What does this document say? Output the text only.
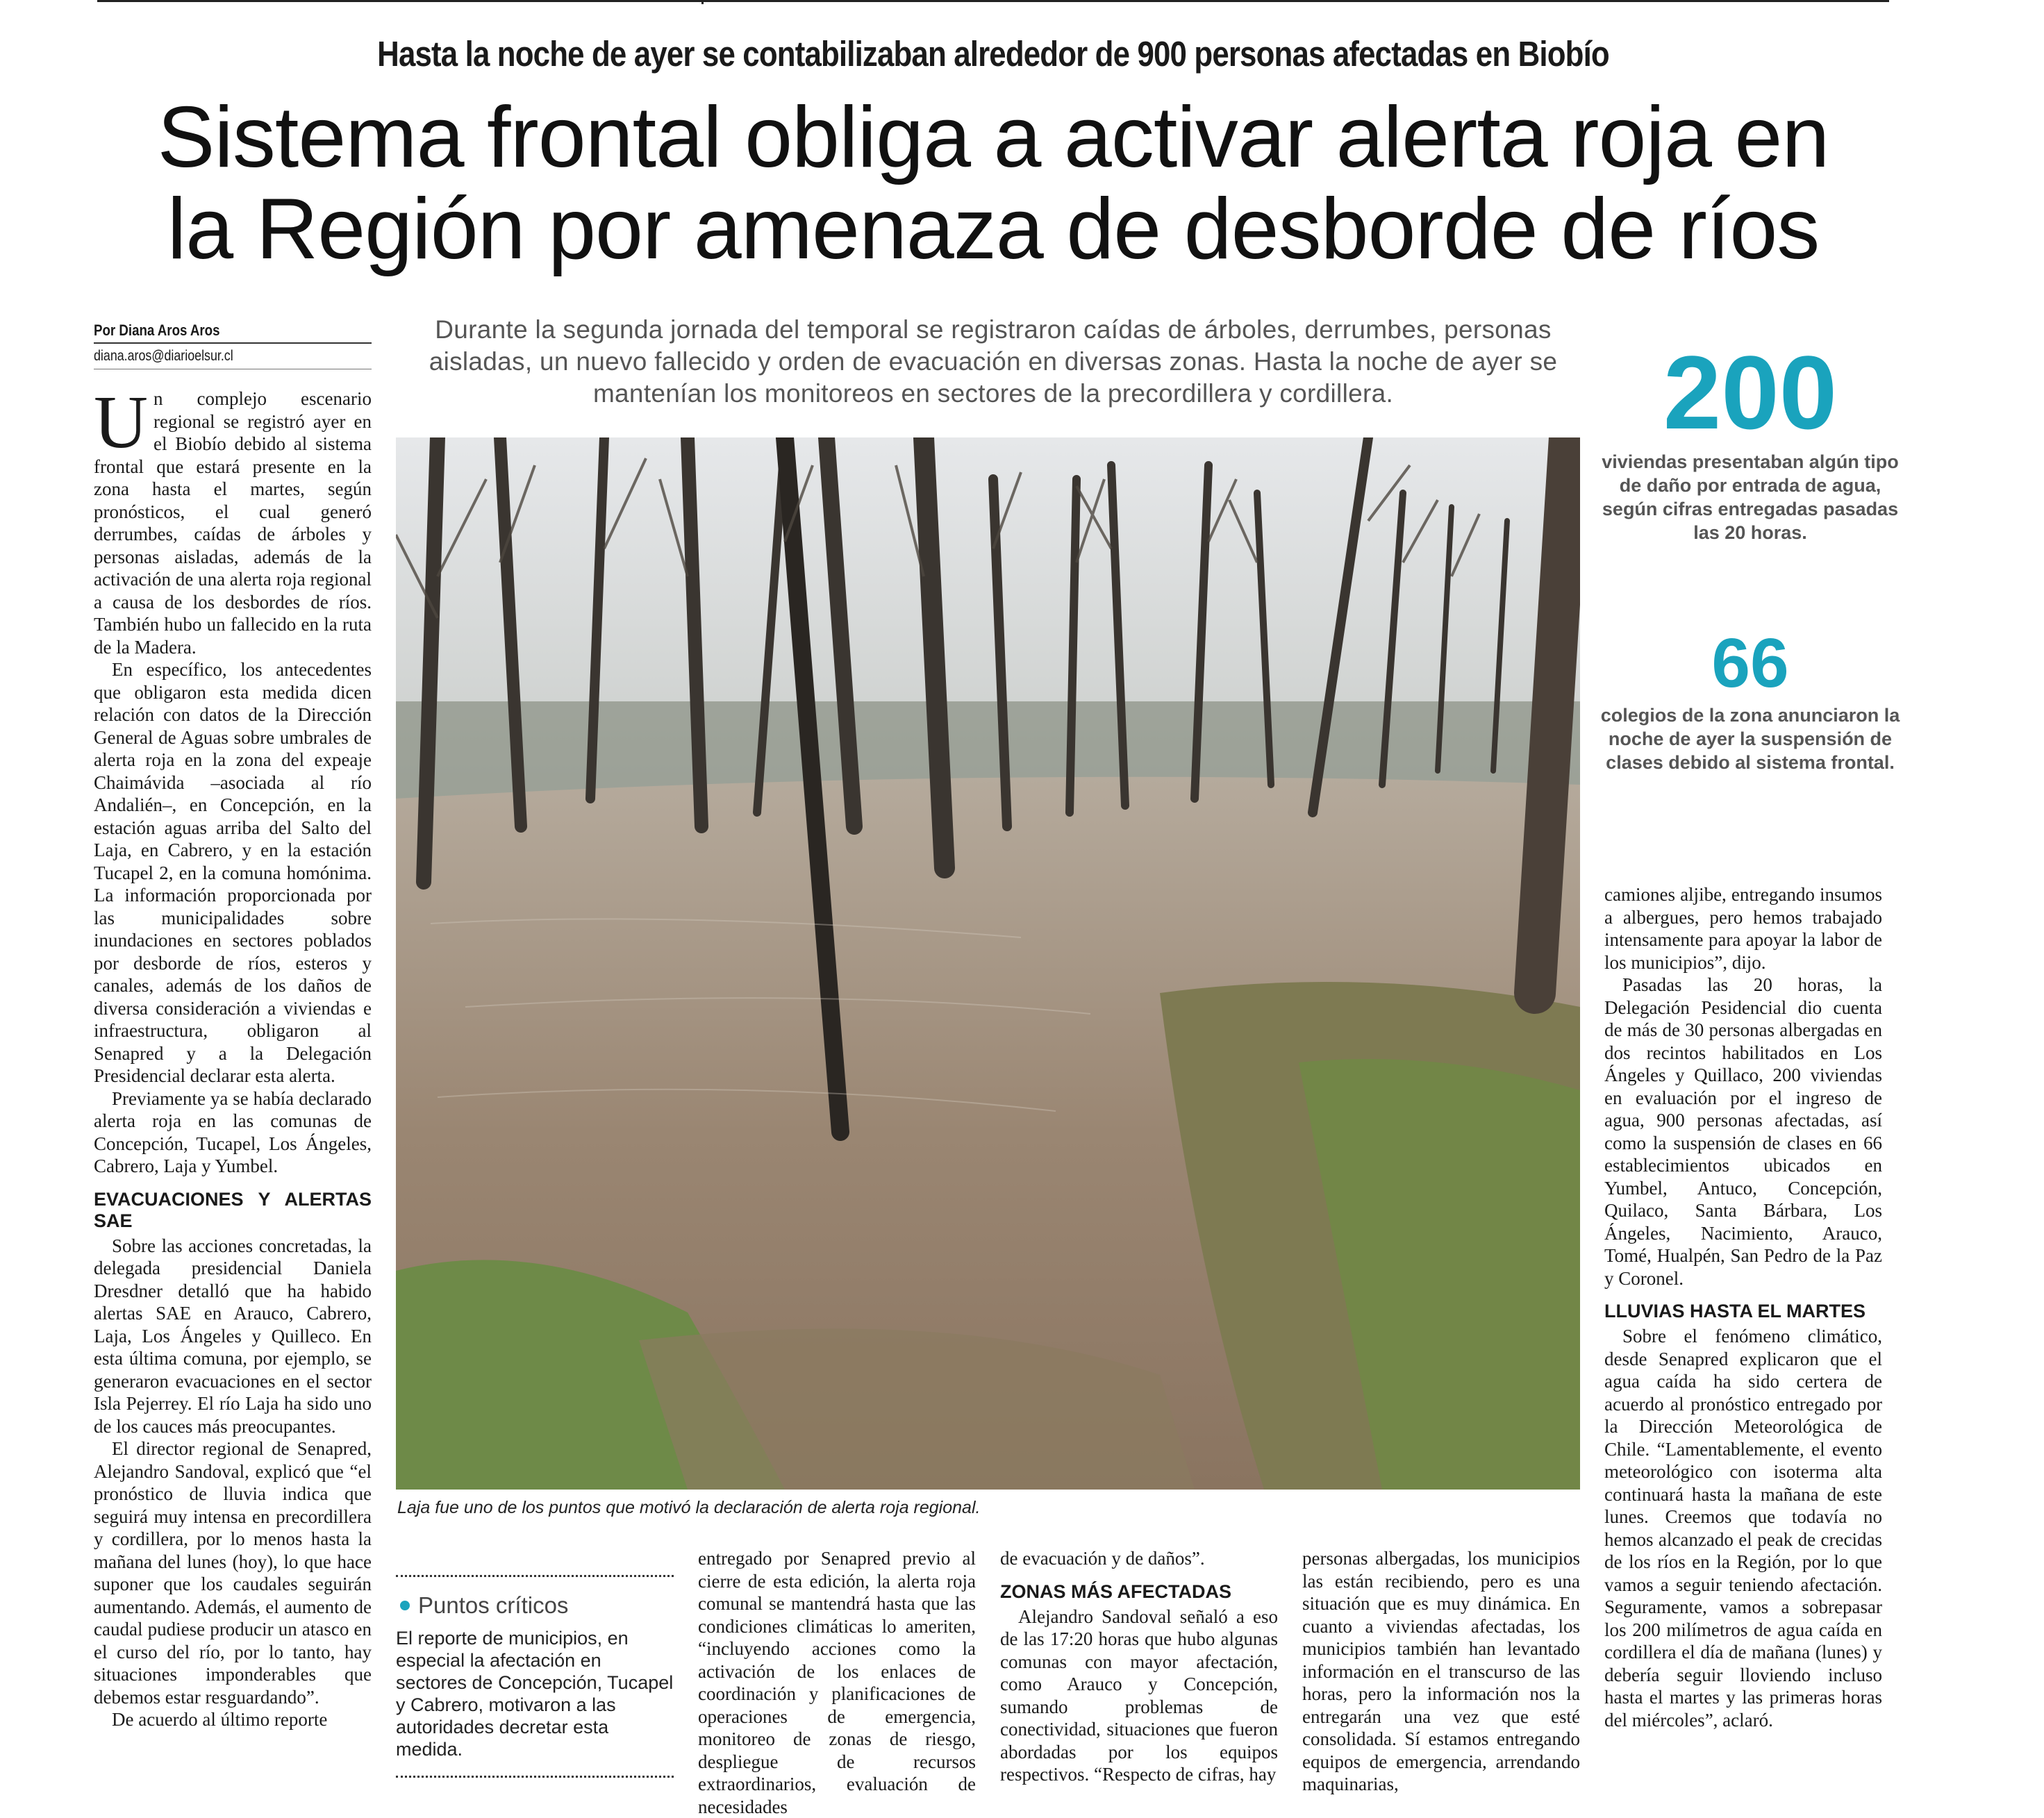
Hasta la noche de ayer se contabilizaban alrededor de 900 personas afectadas en Biobío
Sistema frontal obliga a activar alerta roja en
la Región por amenaza de desborde de ríos
Por Diana Aros Aros
diana.aros@diarioelsur.cl
Durante la segunda jornada del temporal se registraron caídas de árboles, derrumbes, personas aisladas, un nuevo fallecido y orden de evacuación en diversas zonas. Hasta la noche de ayer se mantenían los monitoreos en sectores de la precordillera y cordillera.

Un complejo escenario regional se registró ayer en el Biobío debido al sistema frontal que estará presente en la zona hasta el martes, según pronósticos, el cual generó derrumbes, caídas de árboles y personas aisladas, además de la activación de una alerta roja regional a causa de los desbordes de ríos. También hubo un fallecido en la ruta de la Madera.

En específico, los antecedentes que obligaron esta medida dicen relación con datos de la Dirección General de Aguas sobre umbrales de alerta roja en la zona del expeaje Chaimávida –asociada al río Andalién–, en Concepción, en la estación aguas arriba del Salto del Laja, en Cabrero, y en la estación Tucapel 2, en la comuna homónima. La información proporcionada por las municipalidades sobre inundaciones en sectores poblados por desborde de ríos, esteros y canales, además de los daños de diversa consideración a viviendas e infraestructura, obligaron al Senapred y a la Delegación Presidencial declarar esta alerta.

Previamente ya se había declarado alerta roja en las comunas de Concepción, Tucapel, Los Ángeles, Cabrero, Laja y Yumbel.

EVACUACIONES Y ALERTAS SAE

Sobre las acciones concretadas, la delegada presidencial Daniela Dresdner detalló que ha habido alertas SAE en Arauco, Cabrero, Laja, Los Ángeles y Quilleco. En esta última comuna, por ejemplo, se generaron evacuaciones en el sector Isla Pejerrey. El río Laja ha sido uno de los cauces más preocupantes.

El director regional de Senapred, Alejandro Sandoval, explicó que “el pronóstico de lluvia indica que seguirá muy intensa en precordillera y cordillera, por lo menos hasta la mañana del lunes (hoy), lo que hace suponer que los caudales seguirán aumentando. Además, el aumento de caudal pudiese producir un atasco en el curso del río, por lo tanto, hay situaciones imponderables que debemos estar resguardando”.

De acuerdo al último reporte

Laja fue uno de los puntos que motivó la declaración de alerta roja regional.
200
viviendas presentaban algún tipo de daño por entrada de agua, según cifras entregadas pasadas las 20 horas.
66
colegios de la zona anunciaron la noche de ayer la suspensión de clases debido al sistema frontal.
Puntos críticos
El reporte de municipios, en especial la afectación en sectores de Concepción, Tucapel y Cabrero, motivaron a las autoridades decretar esta medida.

entregado por Senapred previo al cierre de esta edición, la alerta roja comunal se mantendrá hasta que las condiciones climáticas lo ameriten, “incluyendo acciones como la activación de los enlaces de coordinación y planificaciones de operaciones de emergencia, monitoreo de zonas de riesgo, despliegue de recursos extraordinarios, evaluación de necesidades

de evacuación y de daños”.

ZONAS MÁS AFECTADAS

Alejandro Sandoval señaló a eso de las 17:20 horas que hubo algunas comunas con mayor afectación, como Arauco y Concepción, sumando problemas de conectividad, situaciones que fueron abordadas por los equipos respectivos. “Respecto de cifras, hay

personas albergadas, los municipios las están recibiendo, pero es una situación que es muy dinámica. En cuanto a viviendas afectadas, los municipios también han levantado información en el transcurso de las horas, pero la información nos la entregarán una vez que esté consolidada. Sí estamos entregando equipos de emergencia, arrendando maquinarias,

camiones aljibe, entregando insumos a albergues, pero hemos trabajado intensamente para apoyar la labor de los municipios”, dijo.

Pasadas las 20 horas, la Delegación Pesidencial dio cuenta de más de 30 personas albergadas en dos recintos habilitados en Los Ángeles y Quillaco, 200 viviendas en evaluación por el ingreso de agua, 900 personas afectadas, así como la suspensión de clases en 66 establecimientos ubicados en Yumbel, Antuco, Concepción, Quilaco, Santa Bárbara, Los Ángeles, Nacimiento, Arauco, Tomé, Hualpén, San Pedro de la Paz y Coronel.

LLUVIAS HASTA EL MARTES

Sobre el fenómeno climático, desde Senapred explicaron que el agua caída ha sido certera de acuerdo al pronóstico entregado por la Dirección Meteorológica de Chile. “Lamentablemente, el evento meteorológico con isoterma alta continuará hasta la mañana de este lunes. Creemos que todavía no hemos alcanzado el peak de crecidas de los ríos en la Región, por lo que vamos a seguir teniendo afectación. Seguramente, vamos a sobrepasar los 200 milímetros de agua caída en cordillera el día de mañana (lunes) y debería seguir lloviendo incluso hasta el martes y las primeras horas del miércoles”, aclaró.
